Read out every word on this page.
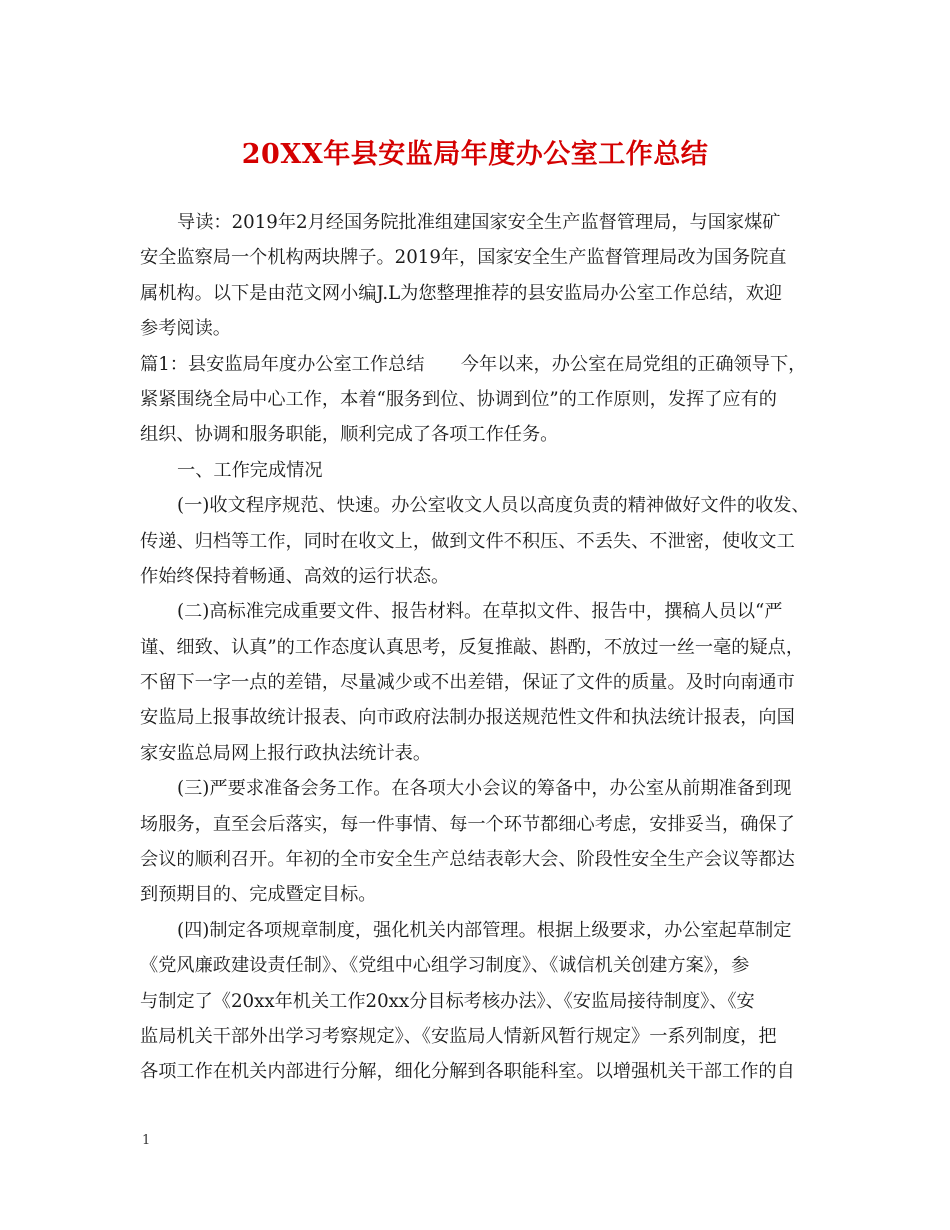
20XX年县安监局年度办公室工作总结
导读：2019年2月经国务院批准组建国家安全生产监督管理局，与国家煤矿
安全监察局一个机构两块牌子。2019年，国家安全生产监督管理局改为国务院直
属机构。以下是由范文网小编J.L为您整理推荐的县安监局办公室工作总结，欢迎
参考阅读。
篇1：县安监局年度办公室工作总结　　今年以来，办公室在局党组的正确领导下，
紧紧围绕全局中心工作，本着“服务到位、协调到位”的工作原则，发挥了应有的
组织、协调和服务职能，顺利完成了各项工作任务。
一、工作完成情况
(一)收文程序规范、快速。办公室收文人员以高度负责的精神做好文件的收发、
传递、归档等工作，同时在收文上，做到文件不积压、不丢失、不泄密，使收文工
作始终保持着畅通、高效的运行状态。
(二)高标准完成重要文件、报告材料。在草拟文件、报告中，撰稿人员以“严
谨、细致、认真”的工作态度认真思考，反复推敲、斟酌，不放过一丝一毫的疑点，
不留下一字一点的差错，尽量减少或不出差错，保证了文件的质量。及时向南通市
安监局上报事故统计报表、向市政府法制办报送规范性文件和执法统计报表，向国
家安监总局网上报行政执法统计表。
(三)严要求准备会务工作。在各项大小会议的筹备中，办公室从前期准备到现
场服务，直至会后落实，每一件事情、每一个环节都细心考虑，安排妥当，确保了
会议的顺利召开。年初的全市安全生产总结表彰大会、阶段性安全生产会议等都达
到预期目的、完成暨定目标。
(四)制定各项规章制度，强化机关内部管理。根据上级要求，办公室起草制定
《党风廉政建设责任制》、《党组中心组学习制度》、《诚信机关创建方案》，参
与制定了《20xx年机关工作20xx分目标考核办法》、《安监局接待制度》、《安
监局机关干部外出学习考察规定》、《安监局人情新风暂行规定》一系列制度，把
各项工作在机关内部进行分解，细化分解到各职能科室。以增强机关干部工作的自
1
